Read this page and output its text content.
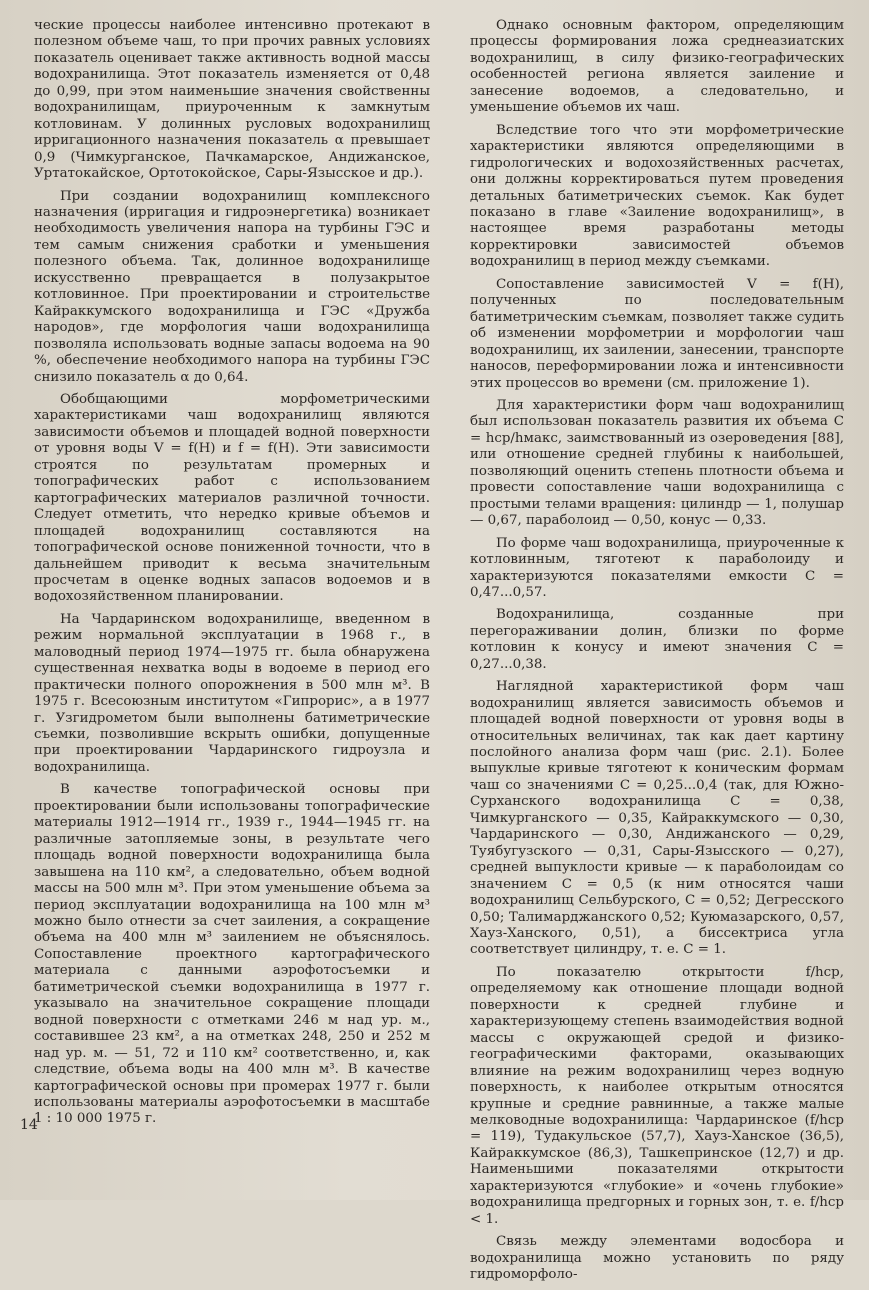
ческие процессы наиболее интенсивно протекают в полезном объеме чаш, то при прочих равных условиях показатель оценивает также активность водной массы водохранилища. Этот показатель изменяется от 0,48 до 0,99, при этом наименьшие значения свойственны водохранилищам, приуроченным к замкнутым котловинам. У долинных русловых водохранилищ ирригационного назначения показатель α превышает 0,9 (Чимкурганское, Пачкамарское, Андижанское, Уртатокайское, Ортотокойское, Сары-Язысское и др.).

При создании водохранилищ комплексного назначения (ирригация и гидроэнергетика) возникает необходимость увеличения напора на турбины ГЭС и тем самым снижения сработки и уменьшения полезного объема. Так, долинное водохранилище искусственно превращается в полузакрытое котловинное. При проектировании и строительстве Кайраккумского водохранилища и ГЭС «Дружба народов», где морфология чаши водохранилища позволяла использовать водные запасы водоема на 90 %, обеспечение необходимого напора на турбины ГЭС снизило показатель α до 0,64.

Обобщающими морфометрическими характеристиками чаш водохранилищ являются зависимости объемов и площадей водной поверхности от уровня воды V = f(H) и f = f(H). Эти зависимости строятся по результатам промерных и топографических работ с использованием картографических материалов различной точности. Следует отметить, что нередко кривые объемов и площадей водохранилищ составляются на топографической основе пониженной точности, что в дальнейшем приводит к весьма значительным просчетам в оценке водных запасов водоемов и в водохозяйственном планировании.

На Чардаринском водохранилище, введенном в режим нормальной эксплуатации в 1968 г., в маловодный период 1974—1975 гг. была обнаружена существенная нехватка воды в водоеме в период его практически полного опорожнения в 500 млн м³. В 1975 г. Всесоюзным институтом «Гипрорис», а в 1977 г. Узгидрометом были выполнены батиметрические съемки, позволившие вскрыть ошибки, допущенные при проектировании Чардаринского гидроузла и водохранилища.

В качестве топографической основы при проектировании были использованы топографические материалы 1912—1914 гг., 1939 г., 1944—1945 гг. на различные затопляемые зоны, в результате чего площадь водной поверхности водохранилища была завышена на 110 км², а следовательно, объем водной массы на 500 млн м³. При этом уменьшение объема за период эксплуатации водохранилища на 100 млн м³ можно было отнести за счет заиления, а сокращение объема на 400 млн м³ заилением не объяснялось. Сопоставление проектного картографического материала с данными аэрофотосъемки и батиметрической съемки водохранилища в 1977 г. указывало на значительное сокращение площади водной поверхности с отметками 246 м над ур. м., составившее 23 км², а на отметках 248, 250 и 252 м над ур. м. — 51, 72 и 110 км² соответственно, и, как следствие, объема воды на 400 млн м³. В качестве картографической основы при промерах 1977 г. были использованы материалы аэрофотосъемки в масштабе 1 : 10 000 1975 г.

Однако основным фактором, определяющим процессы формирования ложа среднеазиатских водохранилищ, в силу физико-географических особенностей региона является заиление и занесение водоемов, а следовательно, и уменьшение объемов их чаш.

Вследствие того что эти морфометрические характеристики являются определяющими в гидрологических и водохозяйственных расчетах, они должны корректироваться путем проведения детальных батиметрических съемок. Как будет показано в главе «Заиление водохранилищ», в настоящее время разработаны методы корректировки зависимостей объемов водохранилищ в период между съемками.

Сопоставление зависимостей V = f(H), полученных по последовательным батиметрическим съемкам, позволяет также судить об изменении морфометрии и морфологии чаш водохранилищ, их заилении, занесении, транспорте наносов, переформировании ложа и интенсивности этих процессов во времени (см. приложение 1).

Для характеристики форм чаш водохранилищ был использован показатель развития их объема C = hср/hмакс, заимствованный из озероведения [88], или отношение средней глубины к наибольшей, позволяющий оценить степень плотности объема и провести сопоставление чаши водохранилища с простыми телами вращения: цилиндр — 1, полушар — 0,67, параболоид — 0,50, конус — 0,33.

По форме чаш водохранилища, приуроченные к котловинным, тяготеют к параболоиду и характеризуются показателями емкости C = 0,47...0,57.

Водохранилища, созданные при перегораживании долин, близки по форме котловин к конусу и имеют значения C = 0,27...0,38.

Наглядной характеристикой форм чаш водохранилищ является зависимость объемов и площадей водной поверхности от уровня воды в относительных величинах, так как дает картину послойного анализа форм чаш (рис. 2.1). Более выпуклые кривые тяготеют к коническим формам чаш со значениями C = 0,25...0,4 (так, для Южно-Сурханского водохранилища C = 0,38, Чимкурганского — 0,35, Кайраккумского — 0,30, Чардаринского — 0,30, Андижанского — 0,29, Туябугузского — 0,31, Сары-Язысского — 0,27), средней выпуклости кривые — к параболоидам со значением C = 0,5 (к ним относятся чаши водохранилищ Сельбурского, C = 0,52; Дегресского 0,50; Талимарджанского 0,52; Куюмазарского, 0,57, Хауз-Ханского, 0,51), а биссектриса угла соответствует цилиндру, т. е. C = 1.

По показателю открытости f/hср, определяемому как отношение площади водной поверхности к средней глубине и характеризующему степень взаимодействия водной массы с окружающей средой и физико-географическими факторами, оказывающих влияние на режим водохранилищ через водную поверхность, к наиболее открытым относятся крупные и средние равнинные, а также малые мелководные водохранилища: Чардаринское (f/hср = 119), Тудакульское (57,7), Хауз-Ханское (36,5), Кайраккумское (86,3), Ташкепринское (12,7) и др. Наименьшими показателями открытости характеризуются «глубокие» и «очень глубокие» водохранилища предгорных и горных зон, т. е. f/hср < 1.

Связь между элементами водосбора и водохранилища можно установить по ряду гидроморфоло-

14
